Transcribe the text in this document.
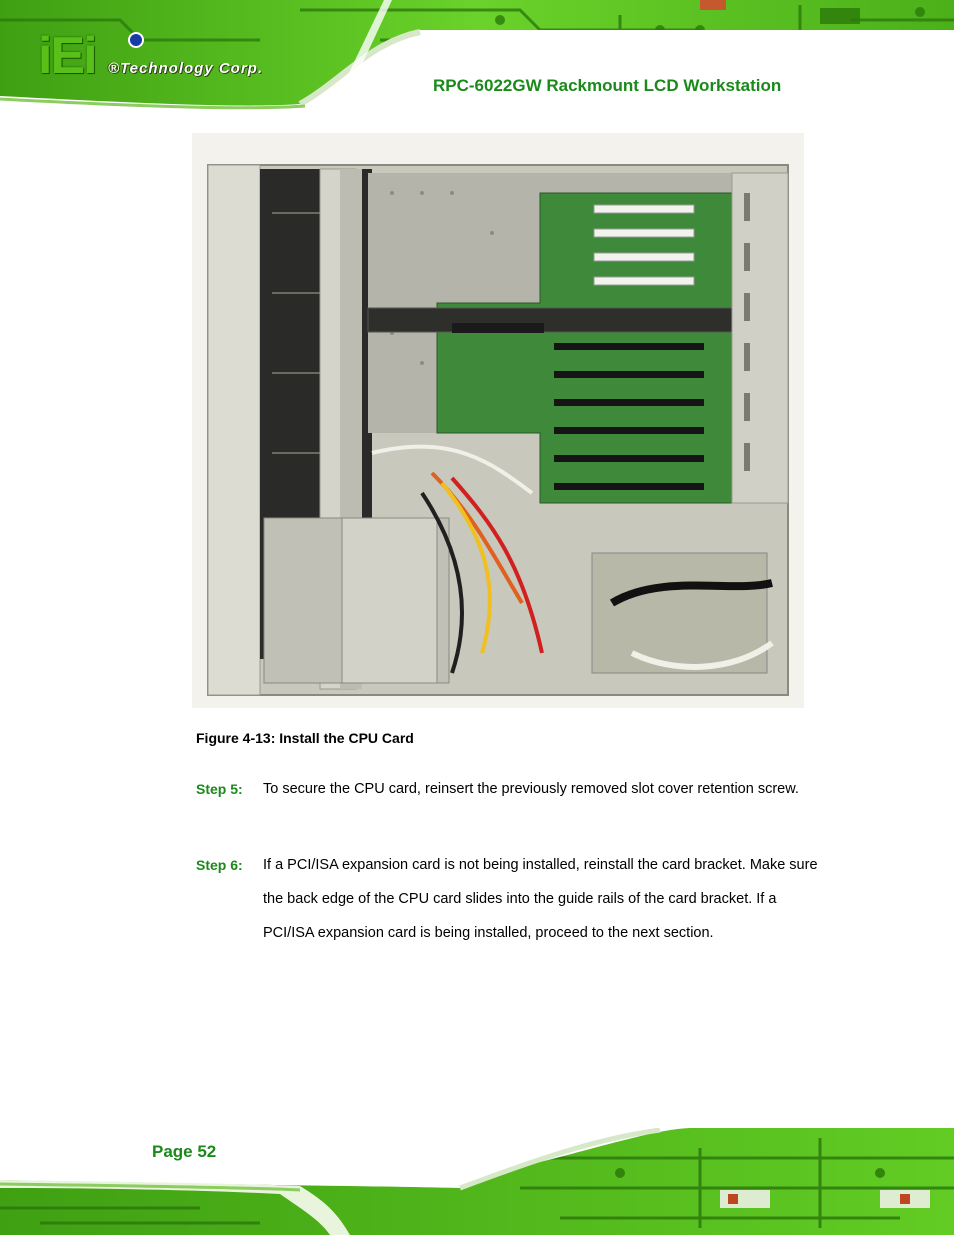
iEi ®Technology Corp.
RPC-6022GW Rackmount LCD Workstation
Figure 4-13: Install the CPU Card
Step 5: To secure the CPU card, reinsert the previously removed slot cover retention screw.
Step 6: If a PCI/ISA expansion card is not being installed, reinstall the card bracket. Make sure the back edge of the CPU card slides into the guide rails of the card bracket. If a PCI/ISA expansion card is being installed, proceed to the next section.
Page 52
